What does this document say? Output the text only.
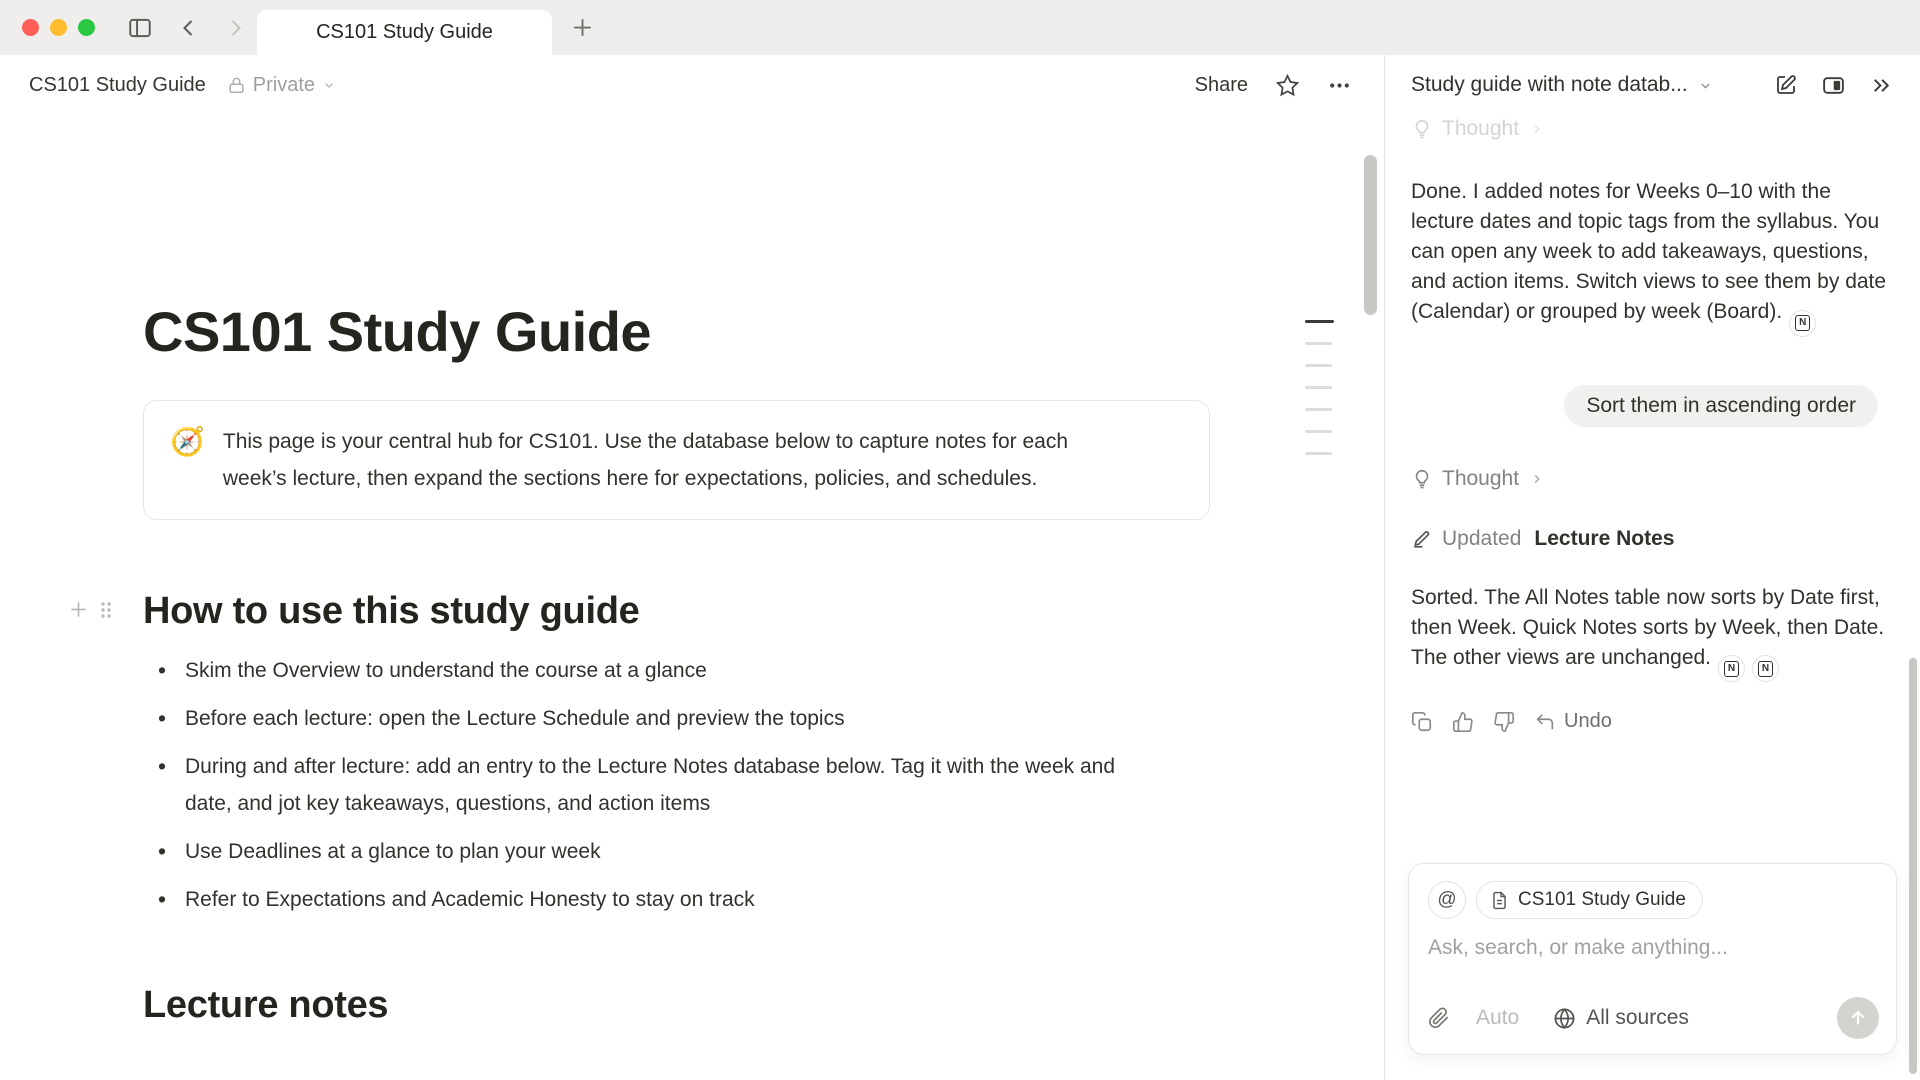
CS101 Study Guide
CS101 Study Guide Private	Share
CS101 Study Guide
🧭 This page is your central hub for CS101. Use the database below to capture notes for each week’s lecture, then expand the sections here for expectations, policies, and schedules.

How to use this study guide
• Skim the Overview to understand the course at a glance
• Before each lecture: open the Lecture Schedule and preview the topics
• During and after lecture: add an entry to the Lecture Notes database below. Tag it with the week and date, and jot key takeaways, questions, and action items
• Use Deadlines at a glance to plan your week
• Refer to Expectations and Academic Honesty to stay on track
Lecture notes
Study guide with note datab...
Thought

Done. I added notes for Weeks 0–10 with the lecture dates and topic tags from the syllabus. You can open any week to add takeaways, questions, and action items. Switch views to see them by date (Calendar) or grouped by week (Board).	N

Sort them in ascending order
Thought
Updated Lecture Notes

Sorted. The All Notes table now sorts by Date first, then Week. Quick Notes sorts by Week, then Date. The other views are unchanged.	N	N

Undo
@	CS101 Study Guide
Ask, search, or make anything...
Auto	All sources
